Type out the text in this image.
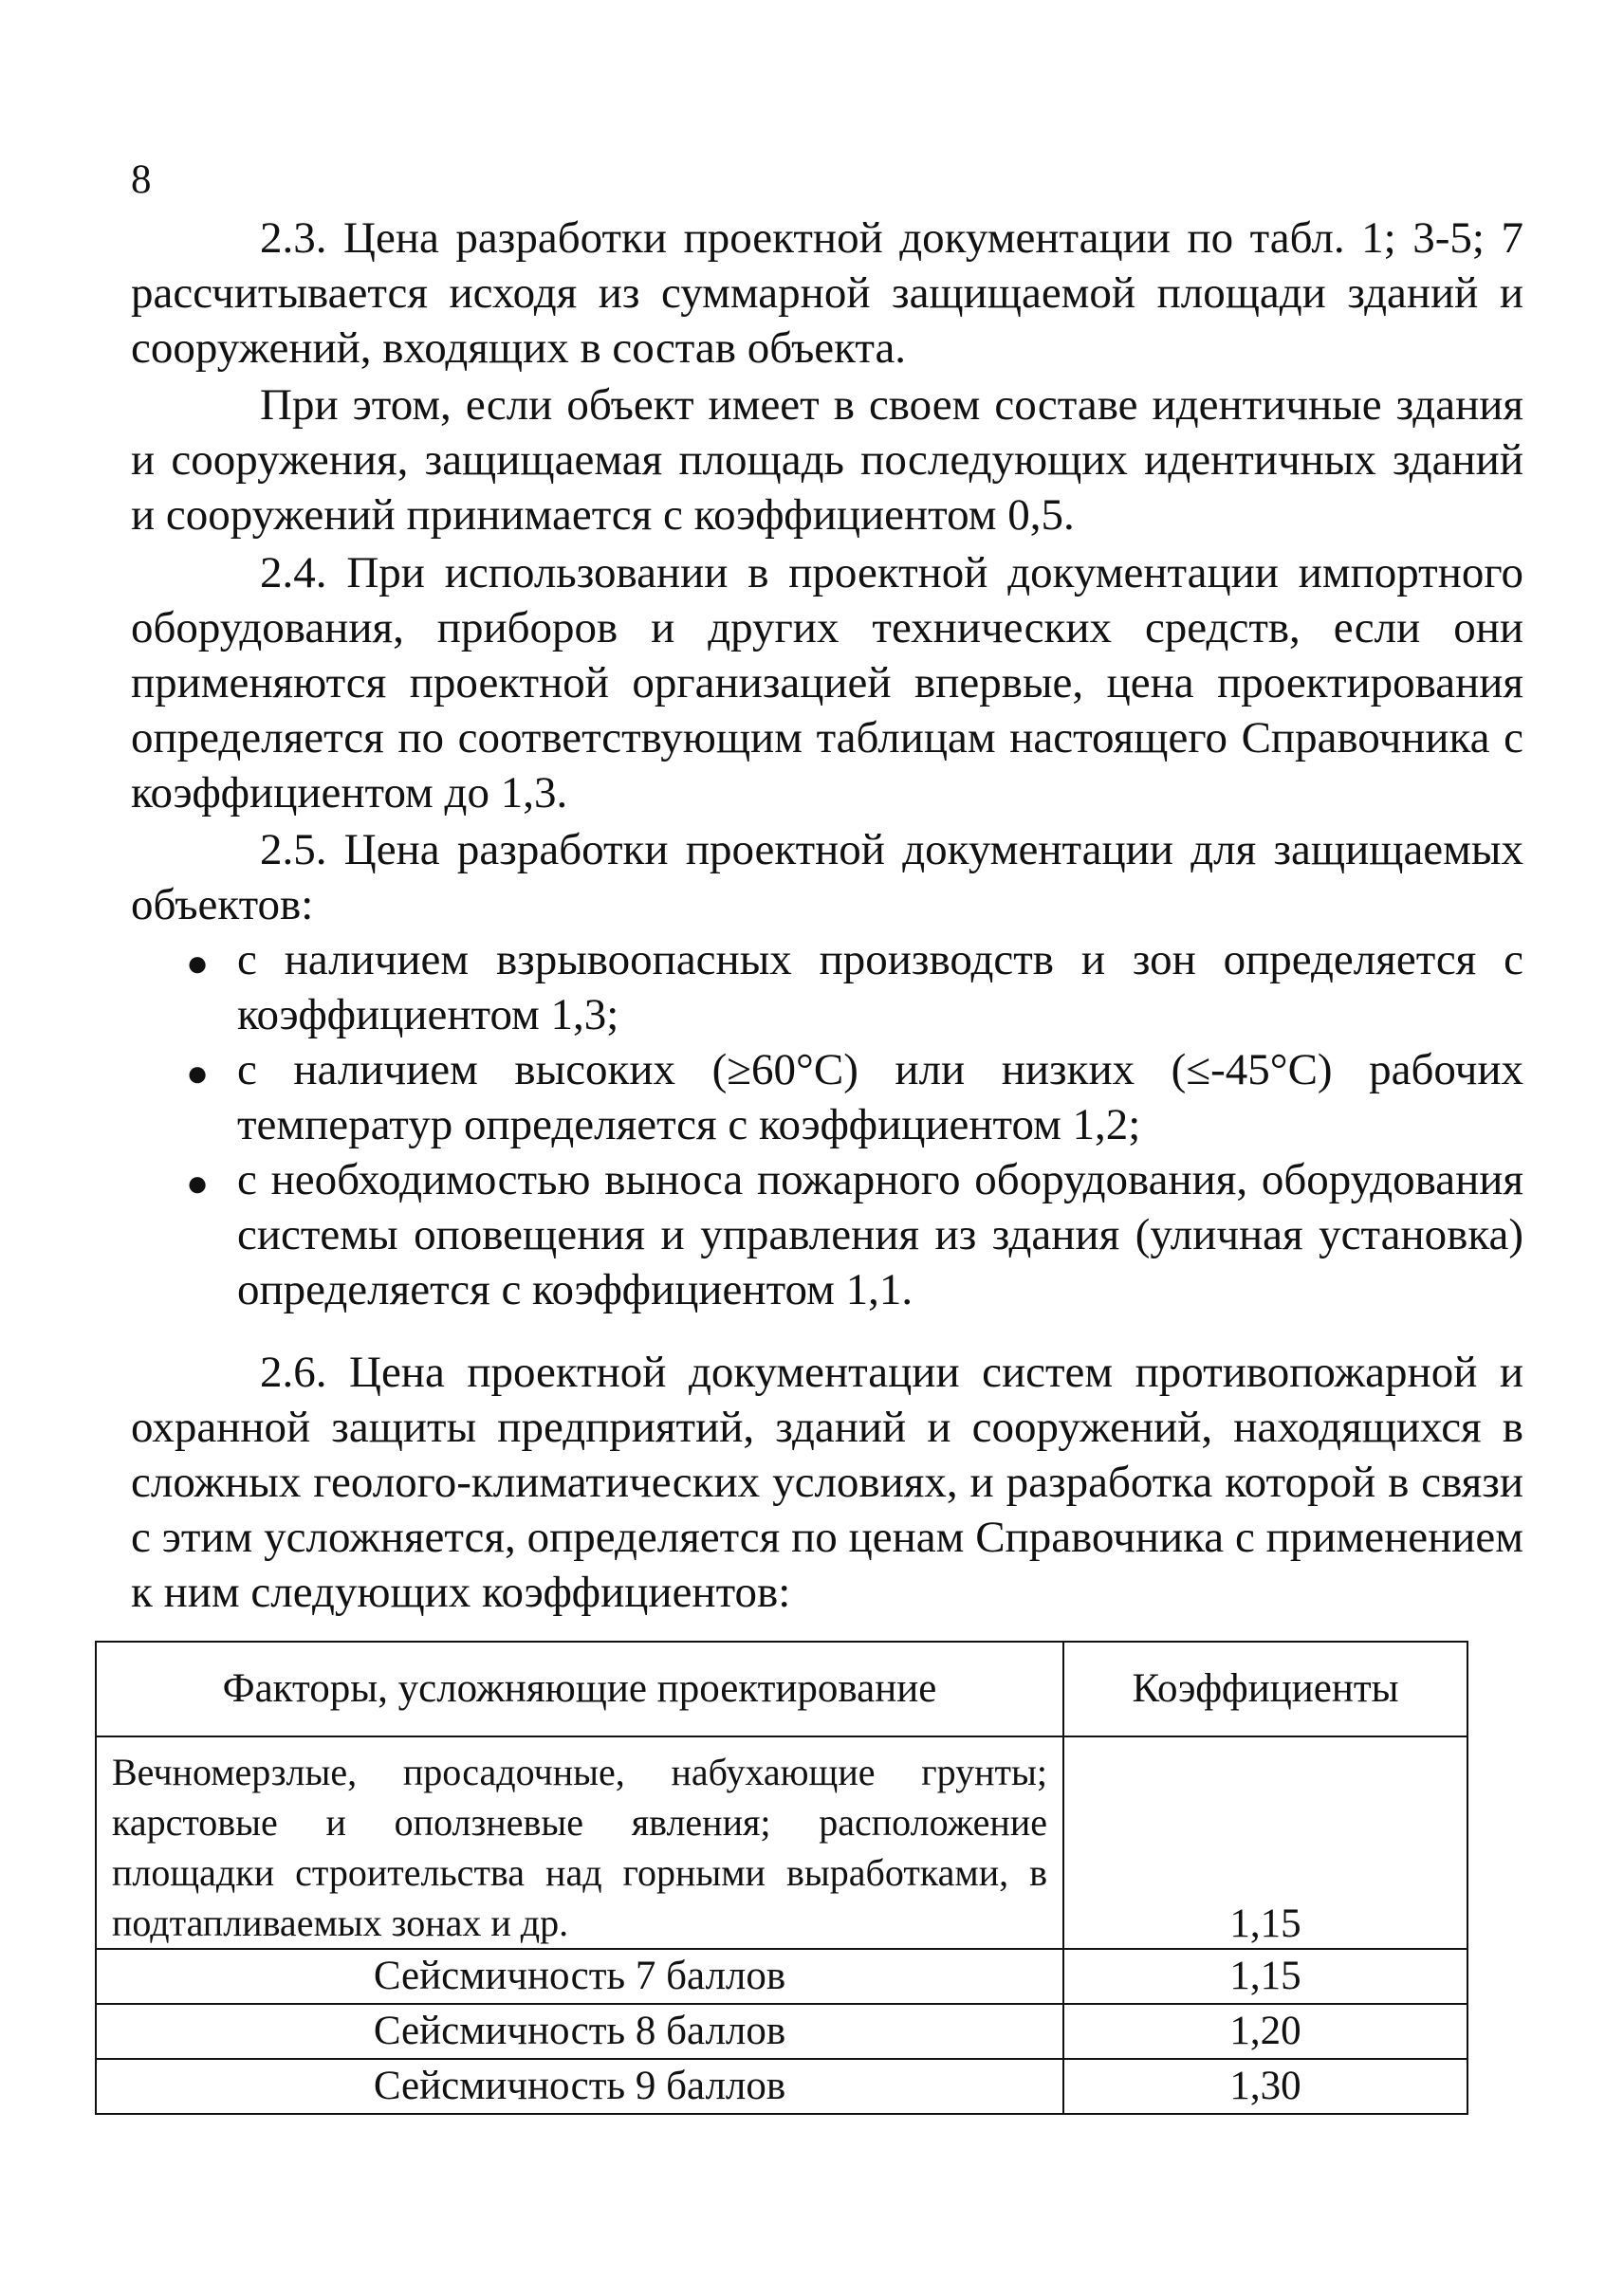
8
2.3. Цена разработки проектной документации по табл. 1; 3-5; 7 рассчитывается исходя из суммарной защищаемой площади зданий и сооружений, входящих в состав объекта.
При этом, если объект имеет в своем составе идентичные здания и сооружения, защищаемая площадь последующих идентичных зданий и сооружений принимается с коэффициентом 0,5.
2.4. При использовании в проектной документации импортного оборудования, приборов и других технических средств, если они применяются проектной организацией впервые, цена проектирования определяется по соответствующим таблицам настоящего Справочника с коэффициентом до 1,3.
2.5. Цена разработки проектной документации для защищаемых объектов:
● с наличием взрывоопасных производств и зон определяется с коэффициентом 1,3;
● с наличием высоких (≥60°С) или низких (≤-45°С) рабочих температур определяется с коэффициентом 1,2;
● с необходимостью выноса пожарного оборудования, оборудования системы оповещения и управления из здания (уличная установка) определяется с коэффициентом 1,1.
2.6. Цена проектной документации систем противопожарной и охранной защиты предприятий, зданий и сооружений, находящихся в сложных геолого-климатических условиях, и разработка которой в связи с этим усложняется, определяется по ценам Справочника с применением к ним следующих коэффициентов:
Факторы, усложняющие проектирование	Коэффициенты
Вечномерзлые, просадочные, набухающие грунты; карстовые и оползневые явления; расположение площадки строительства над горными выработками, в подтапливаемых зонах и др.	1,15
Сейсмичность 7 баллов	1,15
Сейсмичность 8 баллов	1,20
Сейсмичность 9 баллов	1,30
